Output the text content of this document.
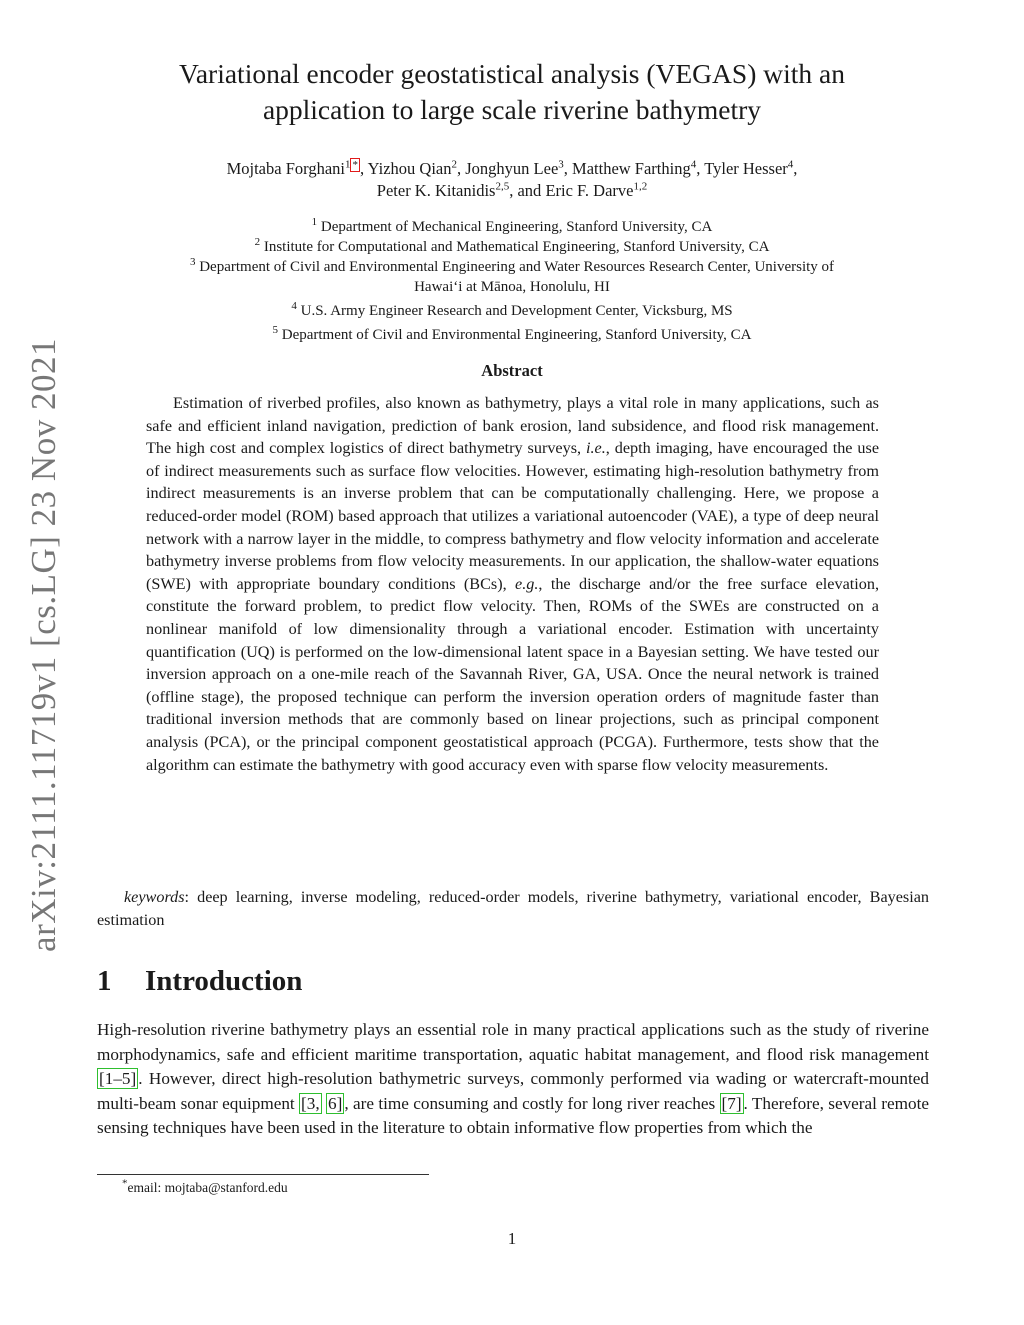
arXiv:2111.11719v1 [cs.LG] 23 Nov 2021
Variational encoder geostatistical analysis (VEGAS) with an
application to large scale riverine bathymetry
Mojtaba Forghani$^1$ * , Yizhou Qian$^2$, Jonghyun Lee$^3$, Matthew Farthing$^4$, Tyler Hesser$^4$,
Peter K. Kitanidis$^{2,5}$, and Eric F. Darve$^{1,2}$
$^1$ Department of Mechanical Engineering, Stanford University, CA
$^2$ Institute for Computational and Mathematical Engineering, Stanford University, CA
$^3$ Department of Civil and Environmental Engineering and Water Resources Research Center, University of
Hawai‘i at Mānoa, Honolulu, HI
$^4$ U.S. Army Engineer Research and Development Center, Vicksburg, MS
$^5$ Department of Civil and Environmental Engineering, Stanford University, CA
Abstract
Estimation of riverbed profiles, also known as bathymetry, plays a vital role in many applications, such as safe and efficient inland navigation, prediction of bank erosion, land subsidence, and flood risk management. The high cost and complex logistics of direct bathymetry surveys, i.e., depth imaging, have encouraged the use of indirect measurements such as surface flow velocities. However, estimating high-resolution bathymetry from indirect measurements is an inverse problem that can be computationally challenging. Here, we propose a reduced-order model (ROM) based approach that utilizes a variational autoencoder (VAE), a type of deep neural network with a narrow layer in the middle, to compress bathymetry and flow velocity information and accelerate bathymetry inverse problems from flow velocity measurements. In our application, the shallow-water equations (SWE) with appropriate boundary conditions (BCs), e.g., the discharge and/or the free surface elevation, constitute the forward problem, to predict flow velocity. Then, ROMs of the SWEs are constructed on a nonlinear manifold of low dimensionality through a variational encoder. Estimation with uncertainty quantification (UQ) is performed on the low-dimensional latent space in a Bayesian setting. We have tested our inversion approach on a one-mile reach of the Savannah River, GA, USA. Once the neural network is trained (offline stage), the proposed technique can perform the inversion operation orders of magnitude faster than traditional inversion methods that are commonly based on linear projections, such as principal component analysis (PCA), or the principal component geostatistical approach (PCGA). Furthermore, tests show that the algorithm can estimate the bathymetry with good accuracy even with sparse flow velocity measurements.
keywords: deep learning, inverse modeling, reduced-order models, riverine bathymetry, variational encoder, Bayesian estimation
1 Introduction
High-resolution riverine bathymetry plays an essential role in many practical applications such as the study of riverine morphodynamics, safe and efficient maritime transportation, aquatic habitat management, and flood risk management [1–5] . However, direct high-resolution bathymetric surveys, commonly performed via wading or watercraft-mounted multi-beam sonar equipment [3, 6] , are time consuming and costly for long river reaches [7] . Therefore, several remote sensing techniques have been used in the literature to obtain informative flow properties from which the
*email: mojtaba@stanford.edu
1
